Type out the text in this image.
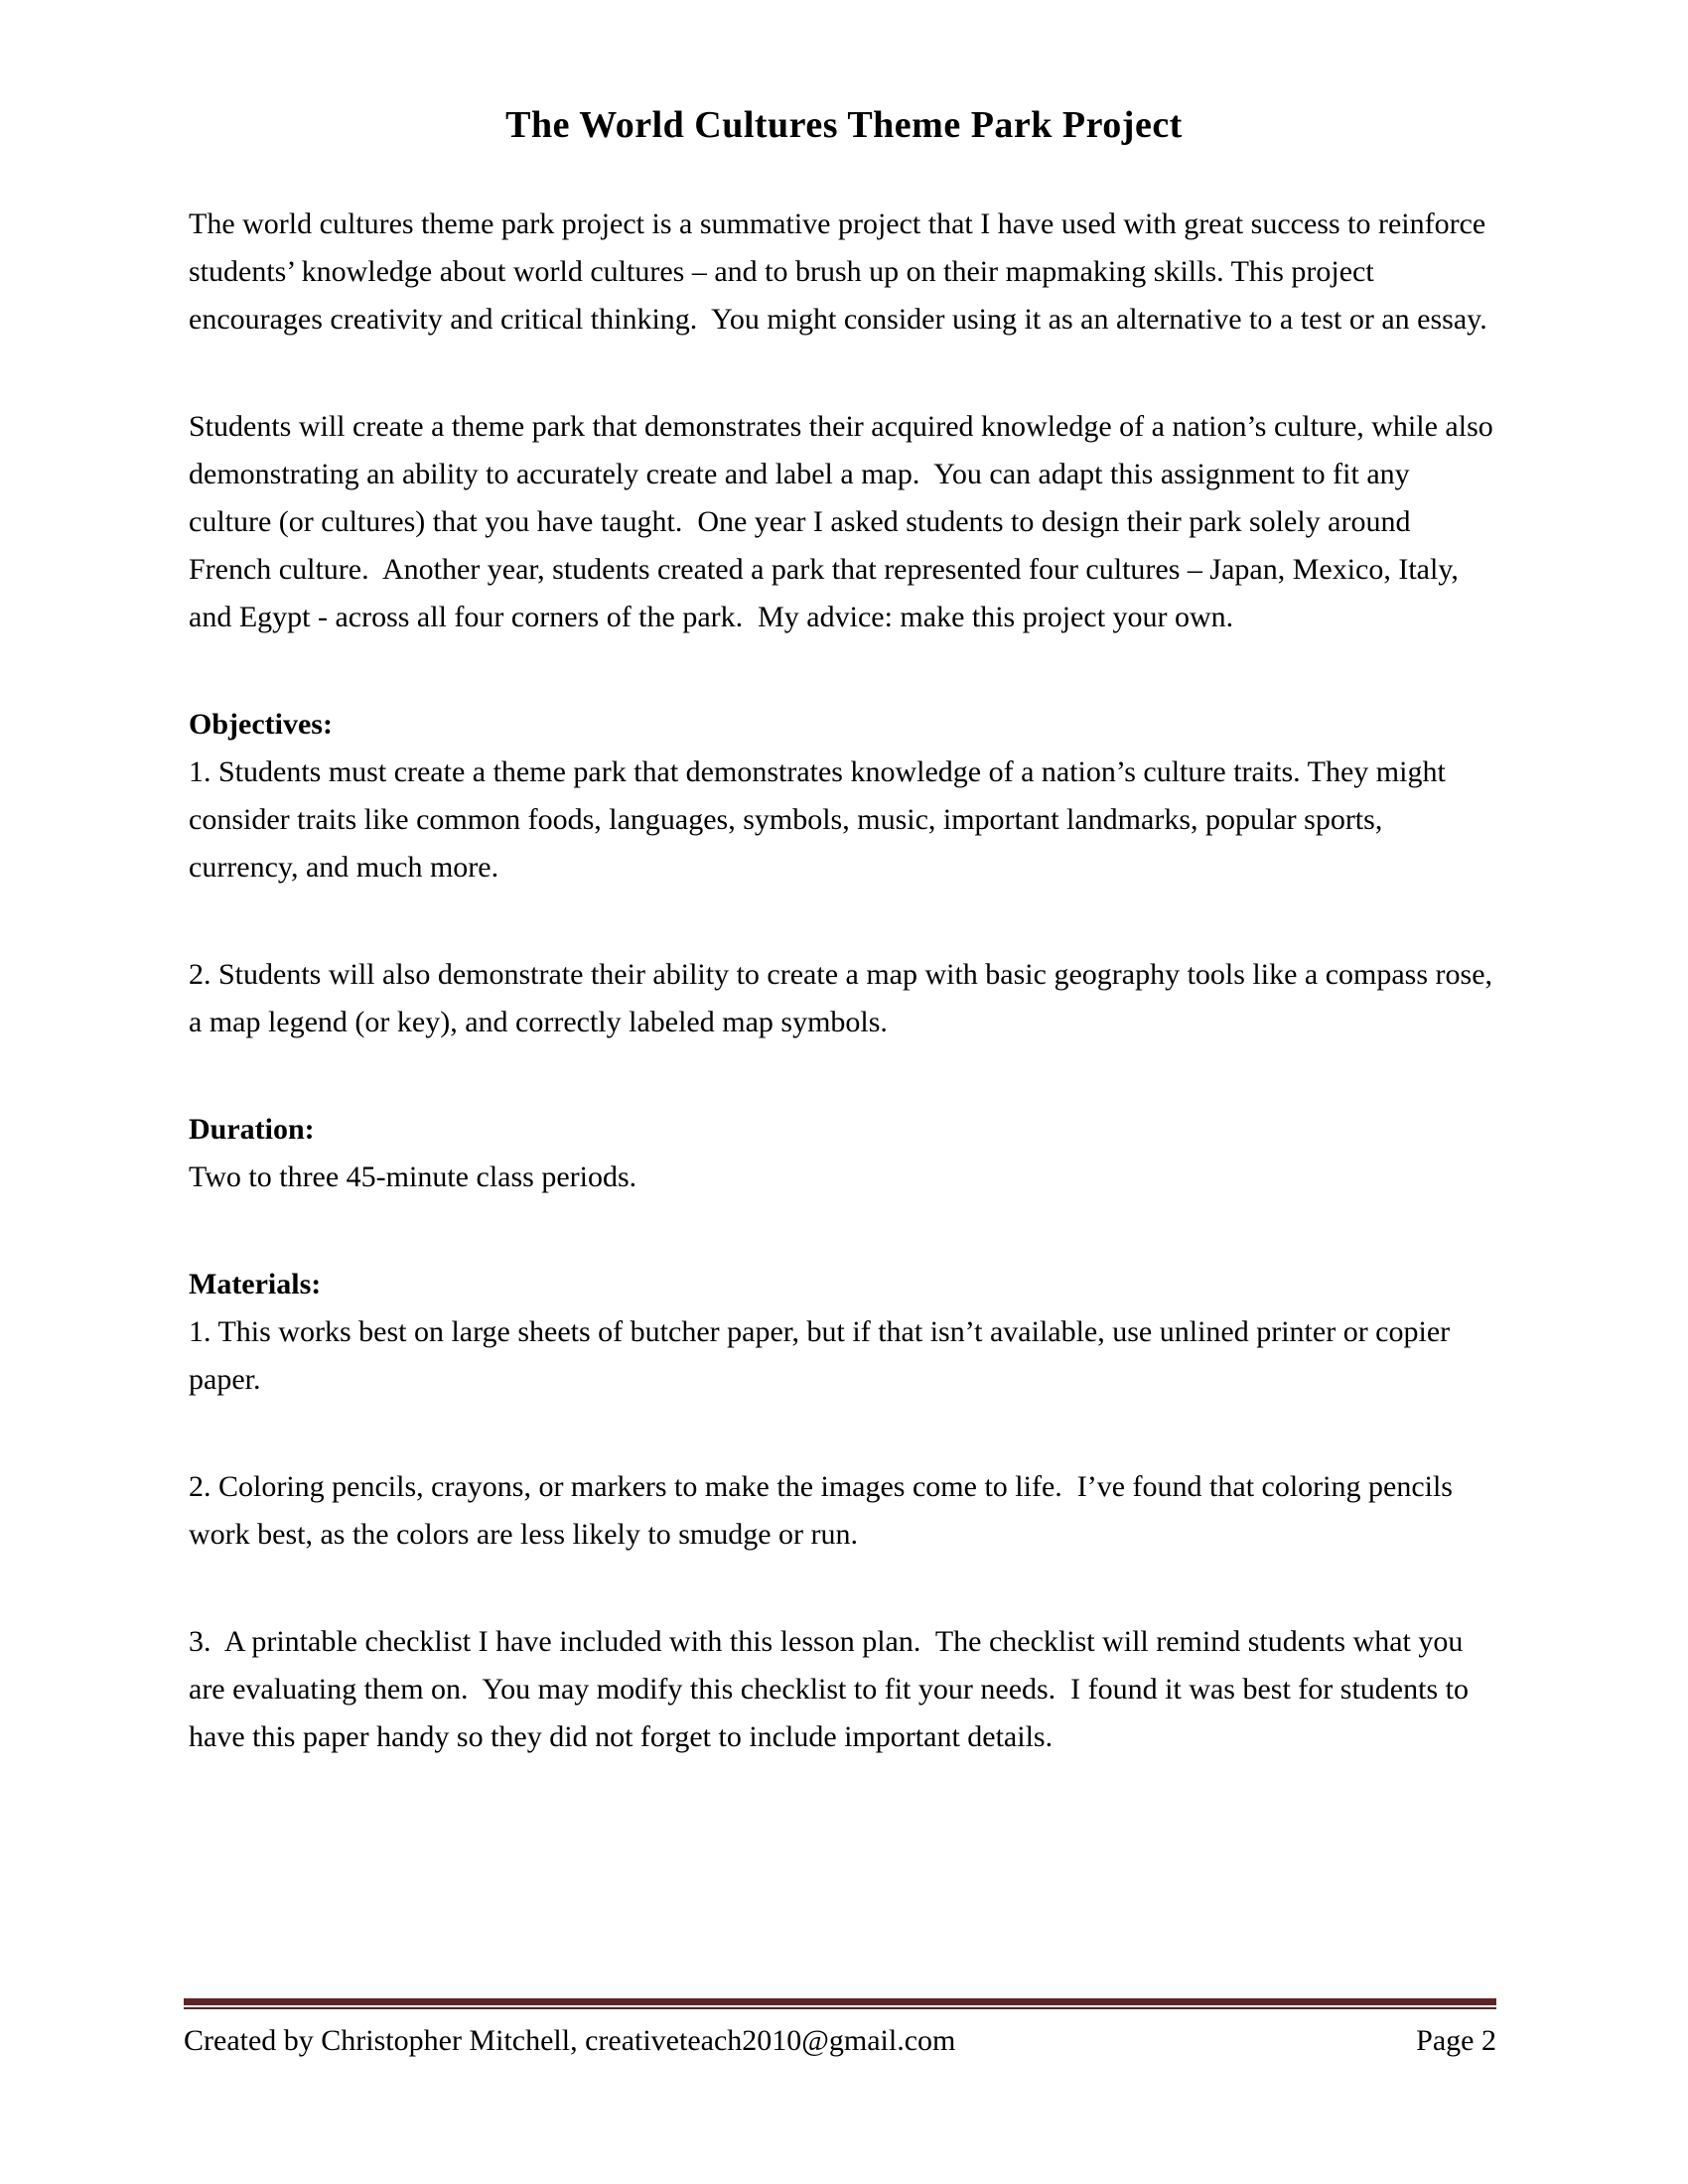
The World Cultures Theme Park Project

The world cultures theme park project is a summative project that I have used with great success to reinforce students’ knowledge about world cultures – and to brush up on their mapmaking skills. This project encourages creativity and critical thinking.  You might consider using it as an alternative to a test or an essay.

Students will create a theme park that demonstrates their acquired knowledge of a nation’s culture, while also demonstrating an ability to accurately create and label a map.  You can adapt this assignment to fit any culture (or cultures) that you have taught.  One year I asked students to design their park solely around French culture.  Another year, students created a park that represented four cultures – Japan, Mexico, Italy, and Egypt - across all four corners of the park.  My advice: make this project your own.

Objectives:

1. Students must create a theme park that demonstrates knowledge of a nation’s culture traits. They might consider traits like common foods, languages, symbols, music, important landmarks, popular sports, currency, and much more.

2. Students will also demonstrate their ability to create a map with basic geography tools like a compass rose, a map legend (or key), and correctly labeled map symbols.

Duration:

Two to three 45-minute class periods.

Materials:

1. This works best on large sheets of butcher paper, but if that isn’t available, use unlined printer or copier paper.

2. Coloring pencils, crayons, or markers to make the images come to life.  I’ve found that coloring pencils work best, as the colors are less likely to smudge or run.

3.  A printable checklist I have included with this lesson plan.  The checklist will remind students what you are evaluating them on.  You may modify this checklist to fit your needs.  I found it was best for students to have this paper handy so they did not forget to include important details.

Created by Christopher Mitchell, creativeteach2010@gmail.com	Page 2
